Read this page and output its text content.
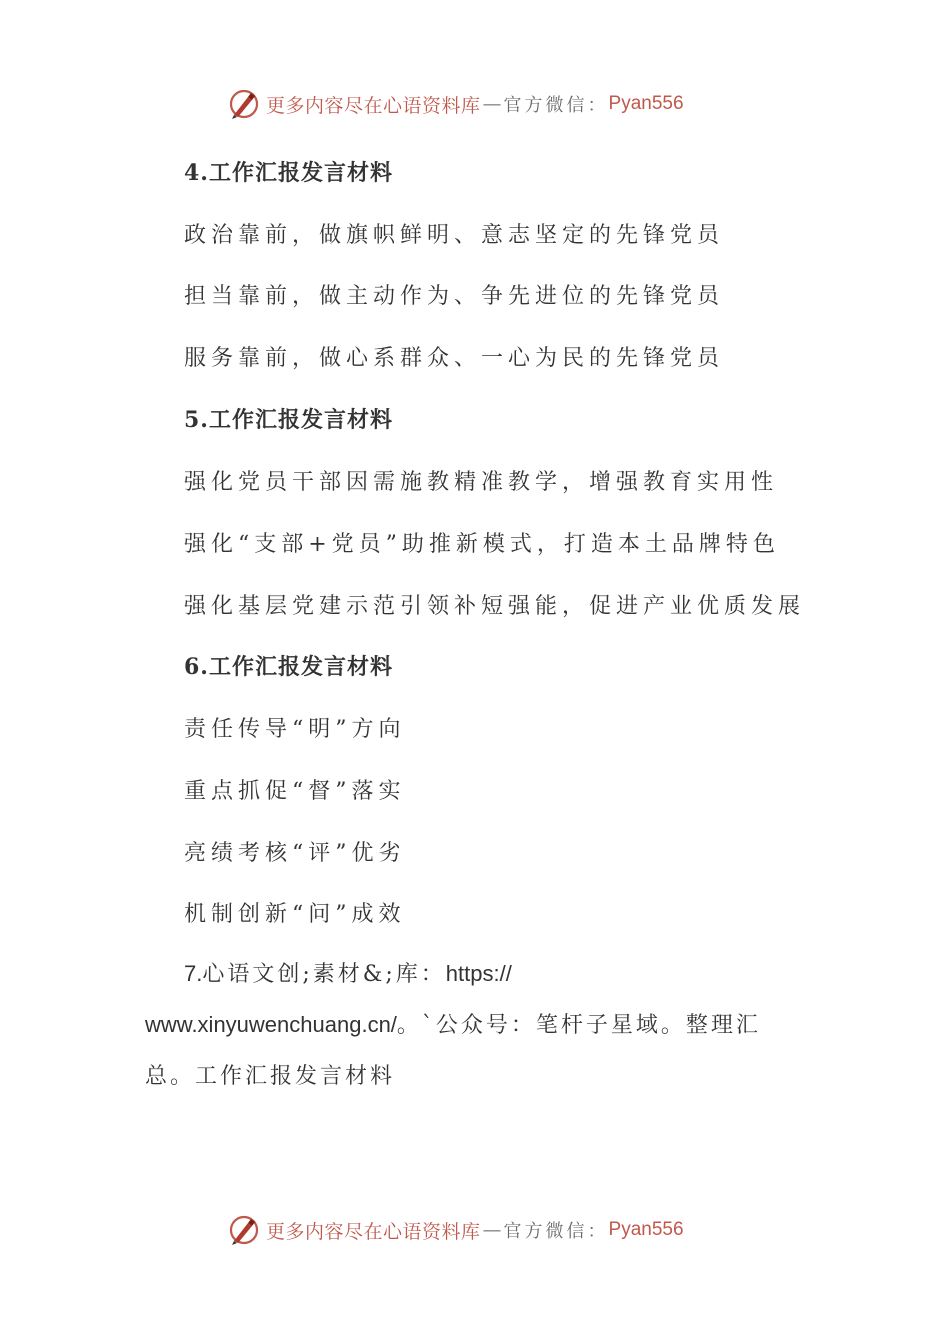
更多内容尽在心语资料库 — 官方微信： Pyan556
4.工作汇报发言材料
政治靠前，做旗帜鲜明、意志坚定的先锋党员
担当靠前，做主动作为、争先进位的先锋党员
服务靠前，做心系群众、一心为民的先锋党员
5.工作汇报发言材料
强化党员干部因需施教精准教学，增强教育实用性
强化“支部+党员”助推新模式，打造本土品牌特色
强化基层党建示范引领补短强能，促进产业优质发展
6.工作汇报发言材料
责任传导“明”方向
重点抓促“督”落实
亮绩考核“评”优劣
机制创新“问”成效
7.心语文创;素材&;库：https://
www.xinyuwenchuang.cn/。`公众号：笔杆子星域。整理汇
总。工作汇报发言材料
更多内容尽在心语资料库 — 官方微信： Pyan556
